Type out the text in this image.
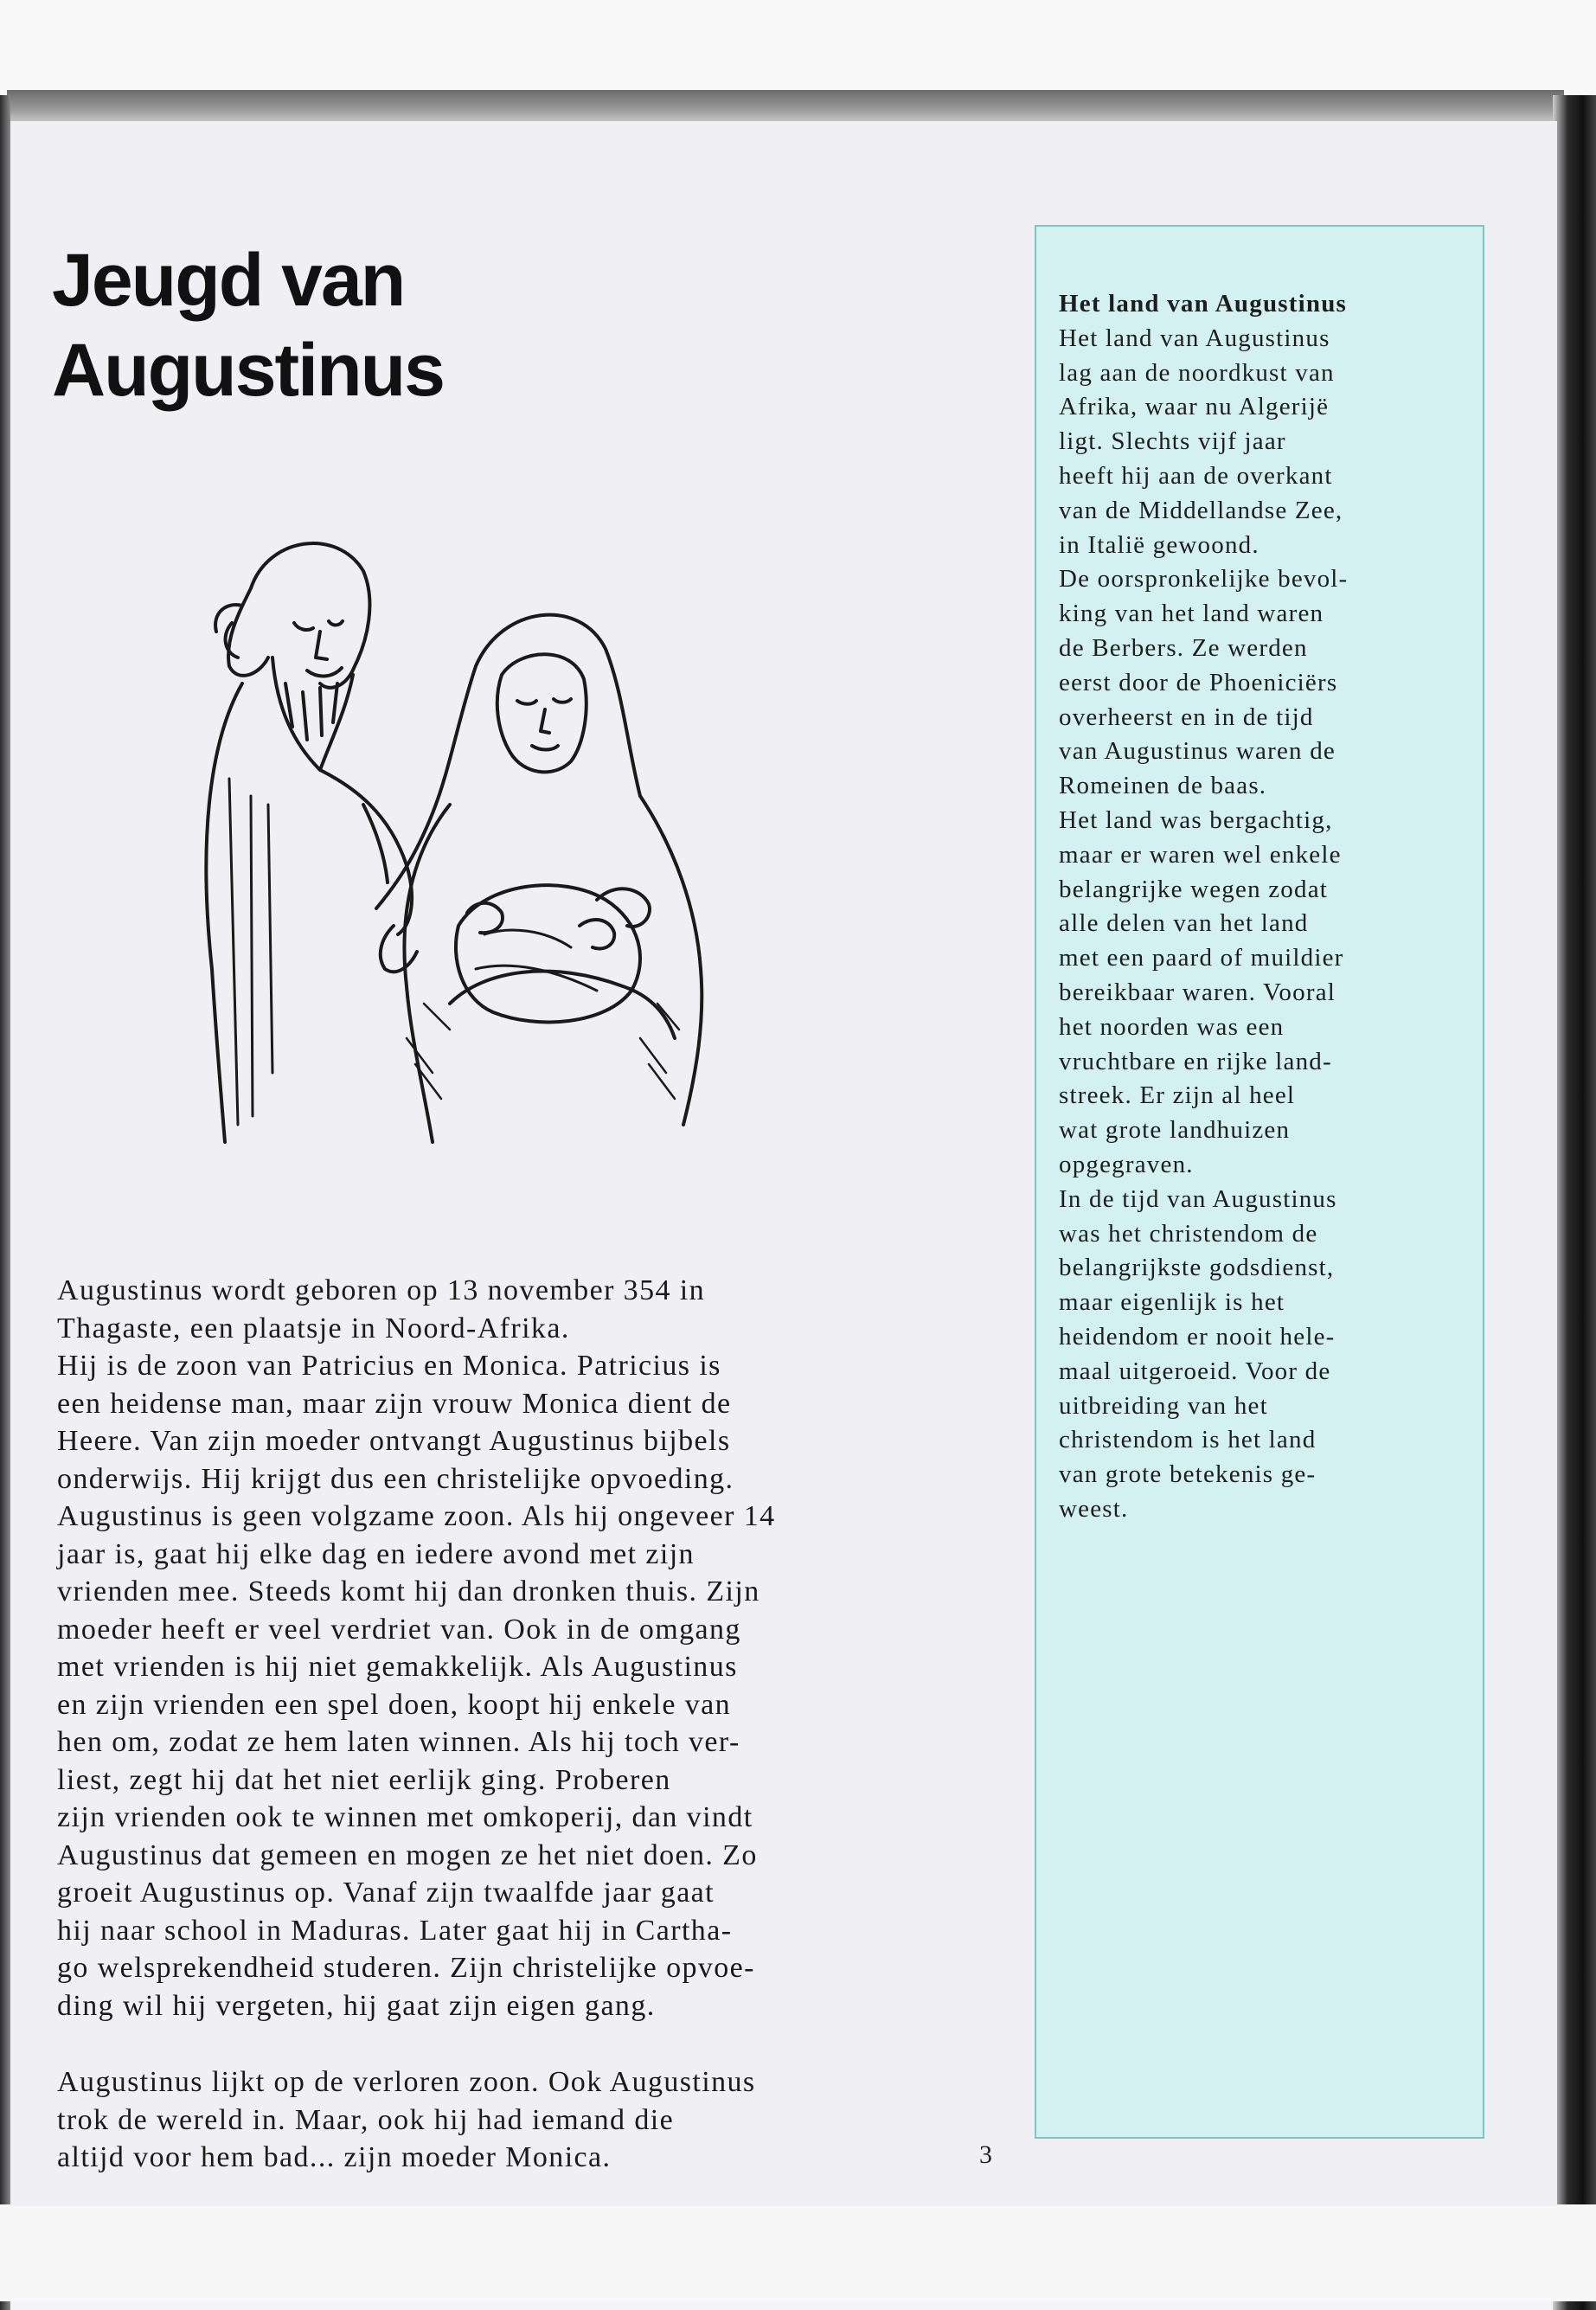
Jeugd van
Augustinus
Augustinus wordt geboren op 13 november 354 in
Thagaste, een plaatsje in Noord-Afrika.
Hij is de zoon van Patricius en Monica. Patricius is
een heidense man, maar zijn vrouw Monica dient de
Heere. Van zijn moeder ontvangt Augustinus bijbels
onderwijs. Hij krijgt dus een christelijke opvoeding.
Augustinus is geen volgzame zoon. Als hij ongeveer 14
jaar is, gaat hij elke dag en iedere avond met zijn
vrienden mee. Steeds komt hij dan dronken thuis. Zijn
moeder heeft er veel verdriet van. Ook in de omgang
met vrienden is hij niet gemakkelijk. Als Augustinus
en zijn vrienden een spel doen, koopt hij enkele van
hen om, zodat ze hem laten winnen. Als hij toch ver-
liest, zegt hij dat het niet eerlijk ging. Proberen
zijn vrienden ook te winnen met omkoperij, dan vindt
Augustinus dat gemeen en mogen ze het niet doen. Zo
groeit Augustinus op. Vanaf zijn twaalfde jaar gaat
hij naar school in Maduras. Later gaat hij in Cartha-
go welsprekendheid studeren. Zijn christelijke opvoe-
ding wil hij vergeten, hij gaat zijn eigen gang.
Augustinus lijkt op de verloren zoon. Ook Augustinus
trok de wereld in. Maar, ook hij had iemand die
altijd voor hem bad... zijn moeder Monica.	3
Het land van Augustinus
Het land van Augustinus
lag aan de noordkust van
Afrika, waar nu Algerijë
ligt. Slechts vijf jaar
heeft hij aan de overkant
van de Middellandse Zee,
in Italië gewoond.
De oorspronkelijke bevol-
king van het land waren
de Berbers. Ze werden
eerst door de Phoeniciërs
overheerst en in de tijd
van Augustinus waren de
Romeinen de baas.
Het land was bergachtig,
maar er waren wel enkele
belangrijke wegen zodat
alle delen van het land
met een paard of muildier
bereikbaar waren. Vooral
het noorden was een
vruchtbare en rijke land-
streek. Er zijn al heel
wat grote landhuizen
opgegraven.
In de tijd van Augustinus
was het christendom de
belangrijkste godsdienst,
maar eigenlijk is het
heidendom er nooit hele-
maal uitgeroeid. Voor de
uitbreiding van het
christendom is het land
van grote betekenis ge-
weest.
